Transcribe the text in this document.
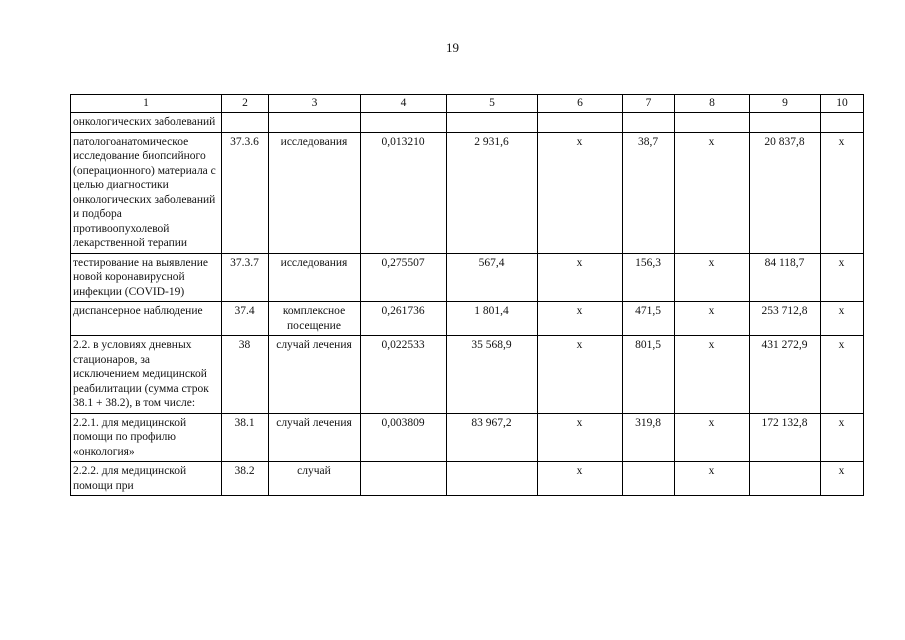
19
1	2	3	4	5	6	7	8	9	10
онкологических заболеваний									
патологоанатомическое исследование биопсийного (операционного) материала с целью диагностики онкологических заболеваний и подбора противоопухолевой лекарственной терапии	37.3.6	исследования	0,013210	2 931,6	х	38,7	х	20 837,8	х
тестирование на выявление новой коронавирусной инфекции (COVID-19)	37.3.7	исследования	0,275507	567,4	х	156,3	х	84 118,7	х
диспансерное наблюдение	37.4	комплексное посещение	0,261736	1 801,4	х	471,5	х	253 712,8	х
2.2. в условиях дневных стационаров, за исключением медицинской реабилитации (сумма строк 38.1 + 38.2), в том числе:	38	случай лечения	0,022533	35 568,9	х	801,5	х	431 272,9	х
2.2.1. для медицинской помощи по профилю «онкология»	38.1	случай лечения	0,003809	83 967,2	х	319,8	х	172 132,8	х
2.2.2. для медицинской помощи при	38.2	случай			х		х		х
